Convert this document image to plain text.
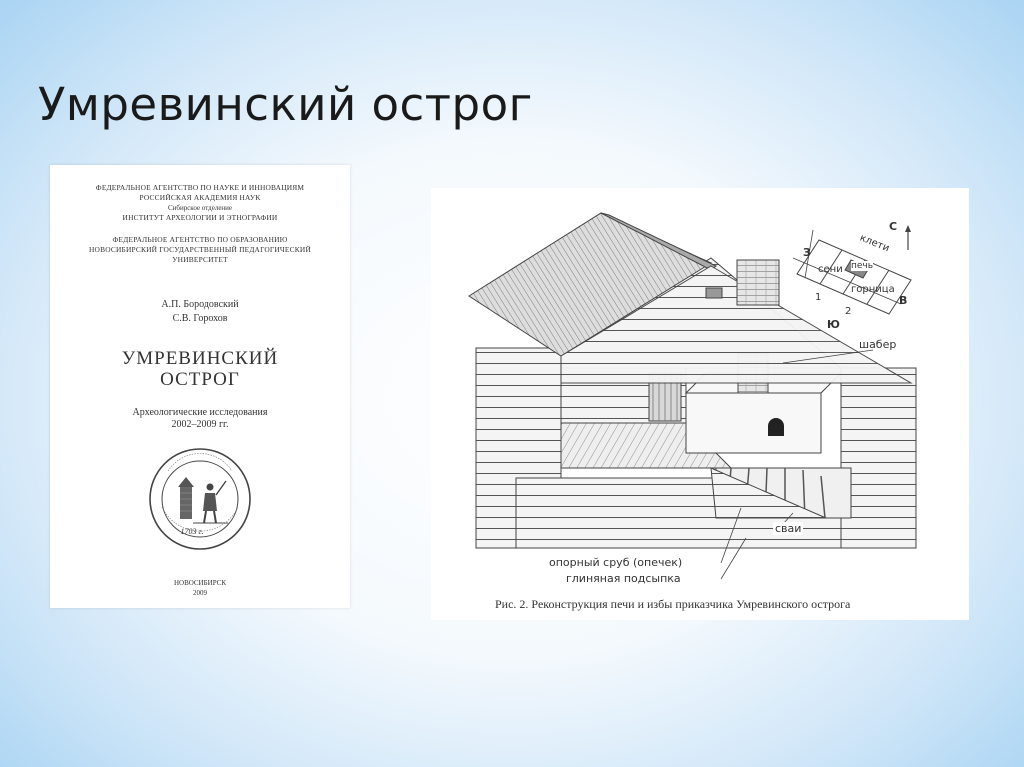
Умревинский острог
ФЕДЕРАЛЬНОЕ АГЕНТСТВО ПО НАУКЕ И ИННОВАЦИЯМ
РОССИЙСКАЯ АКАДЕМИЯ НАУК
Сибирское отделение
ИНСТИТУТ АРХЕОЛОГИИ И ЭТНОГРАФИИ
ФЕДЕРАЛЬНОЕ АГЕНТСТВО ПО ОБРАЗОВАНИЮ
НОВОСИБИРСКИЙ ГОСУДАРСТВЕННЫЙ ПЕДАГОГИЧЕСКИЙ
УНИВЕРСИТЕТ
А.П. Бородовский
С.В. Горохов
УМРЕВИНСКИЙ
ОСТРОГ
Археологические исследования
2002–2009 гг.
1703 г.
НОВОСИБИРСК
2009
шабер
сваи
опорный сруб (опечек)
глиняная подсыпка
С
З
В
Ю
клети
сени печь
горница
1
2
Рис. 2. Реконструкция печи и избы приказчика Умревинского острога
